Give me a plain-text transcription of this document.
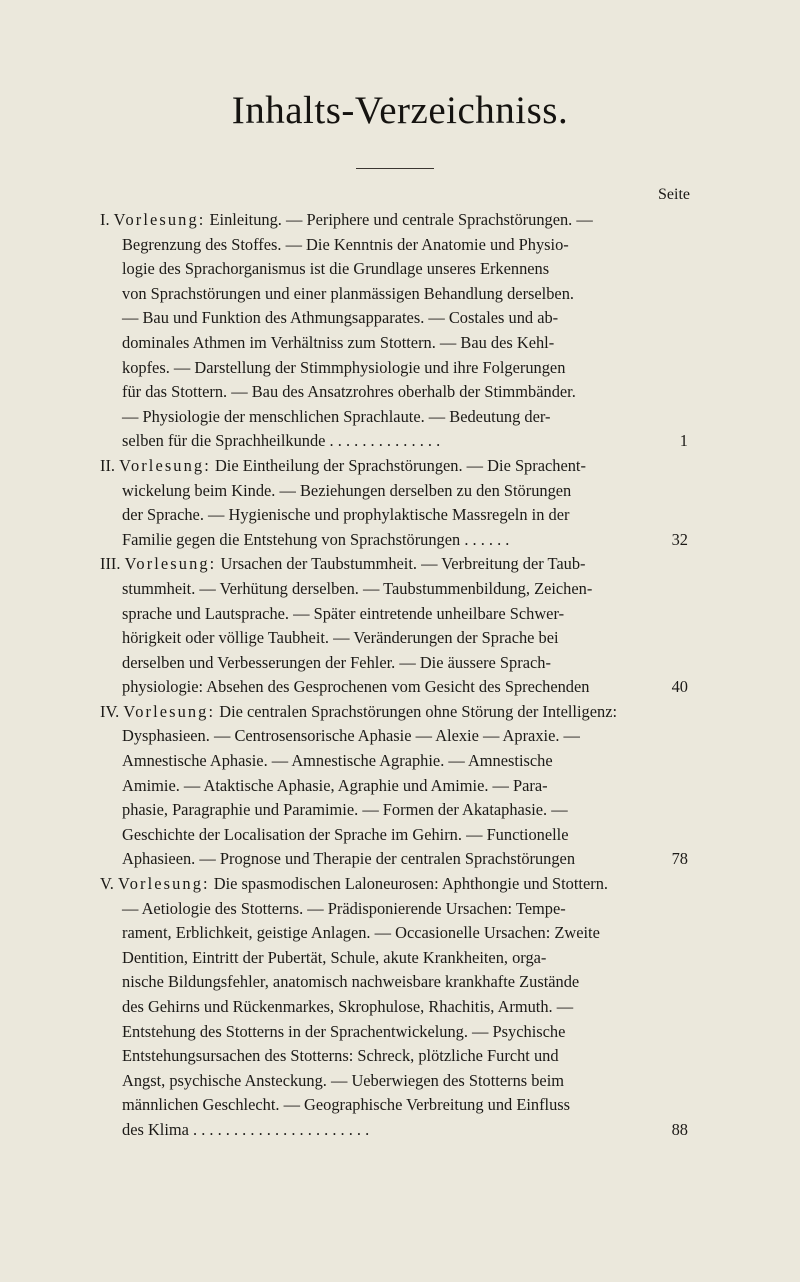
Inhalts-Verzeichniss.
Seite
I. Vorlesung: Einleitung. — Periphere und centrale Sprachstörungen. —
Begrenzung des Stoffes. — Die Kenntnis der Anatomie und Physio-
logie des Sprachorganismus ist die Grundlage unseres Erkennens
von Sprachstörungen und einer planmässigen Behandlung derselben.
— Bau und Funktion des Athmungsapparates. — Costales und ab-
dominales Athmen im Verhältniss zum Stottern. — Bau des Kehl-
kopfes. — Darstellung der Stimmphysiologie und ihre Folgerungen
für das Stottern. — Bau des Ansatzrohres oberhalb der Stimmbänder.
— Physiologie der menschlichen Sprachlaute. — Bedeutung der-
selben für die Sprachheilkunde . . . . . . . . . . . . . .	1
II. Vorlesung: Die Eintheilung der Sprachstörungen. — Die Sprachent-
wickelung beim Kinde. — Beziehungen derselben zu den Störungen
der Sprache. — Hygienische und prophylaktische Massregeln in der
Familie gegen die Entstehung von Sprachstörungen . . . . . .	32
III. Vorlesung: Ursachen der Taubstummheit. — Verbreitung der Taub-
stummheit. — Verhütung derselben. — Taubstummenbildung, Zeichen-
sprache und Lautsprache. — Später eintretende unheilbare Schwer-
hörigkeit oder völlige Taubheit. — Veränderungen der Sprache bei
derselben und Verbesserungen der Fehler. — Die äussere Sprach-
physiologie: Absehen des Gesprochenen vom Gesicht des Sprechenden	40
IV. Vorlesung: Die centralen Sprachstörungen ohne Störung der Intelligenz:
Dysphasieen. — Centrosensorische Aphasie — Alexie — Apraxie. —
Amnestische Aphasie. — Amnestische Agraphie. — Amnestische
Amimie. — Ataktische Aphasie, Agraphie und Amimie. — Para-
phasie, Paragraphie und Paramimie. — Formen der Akataphasie. —
Geschichte der Localisation der Sprache im Gehirn. — Functionelle
Aphasieen. — Prognose und Therapie der centralen Sprachstörungen	78
V. Vorlesung: Die spasmodischen Laloneurosen: Aphthongie und Stottern.
— Aetiologie des Stotterns. — Prädisponierende Ursachen: Tempe-
rament, Erblichkeit, geistige Anlagen. — Occasionelle Ursachen: Zweite
Dentition, Eintritt der Pubertät, Schule, akute Krankheiten, orga-
nische Bildungsfehler, anatomisch nachweisbare krankhafte Zustände
des Gehirns und Rückenmarkes, Skrophulose, Rhachitis, Armuth. —
Entstehung des Stotterns in der Sprachentwickelung. — Psychische
Entstehungsursachen des Stotterns: Schreck, plötzliche Furcht und
Angst, psychische Ansteckung. — Ueberwiegen des Stotterns beim
männlichen Geschlecht. — Geographische Verbreitung und Einfluss
des Klima . . . . . . . . . . . . . . . . . . . . . .	88
